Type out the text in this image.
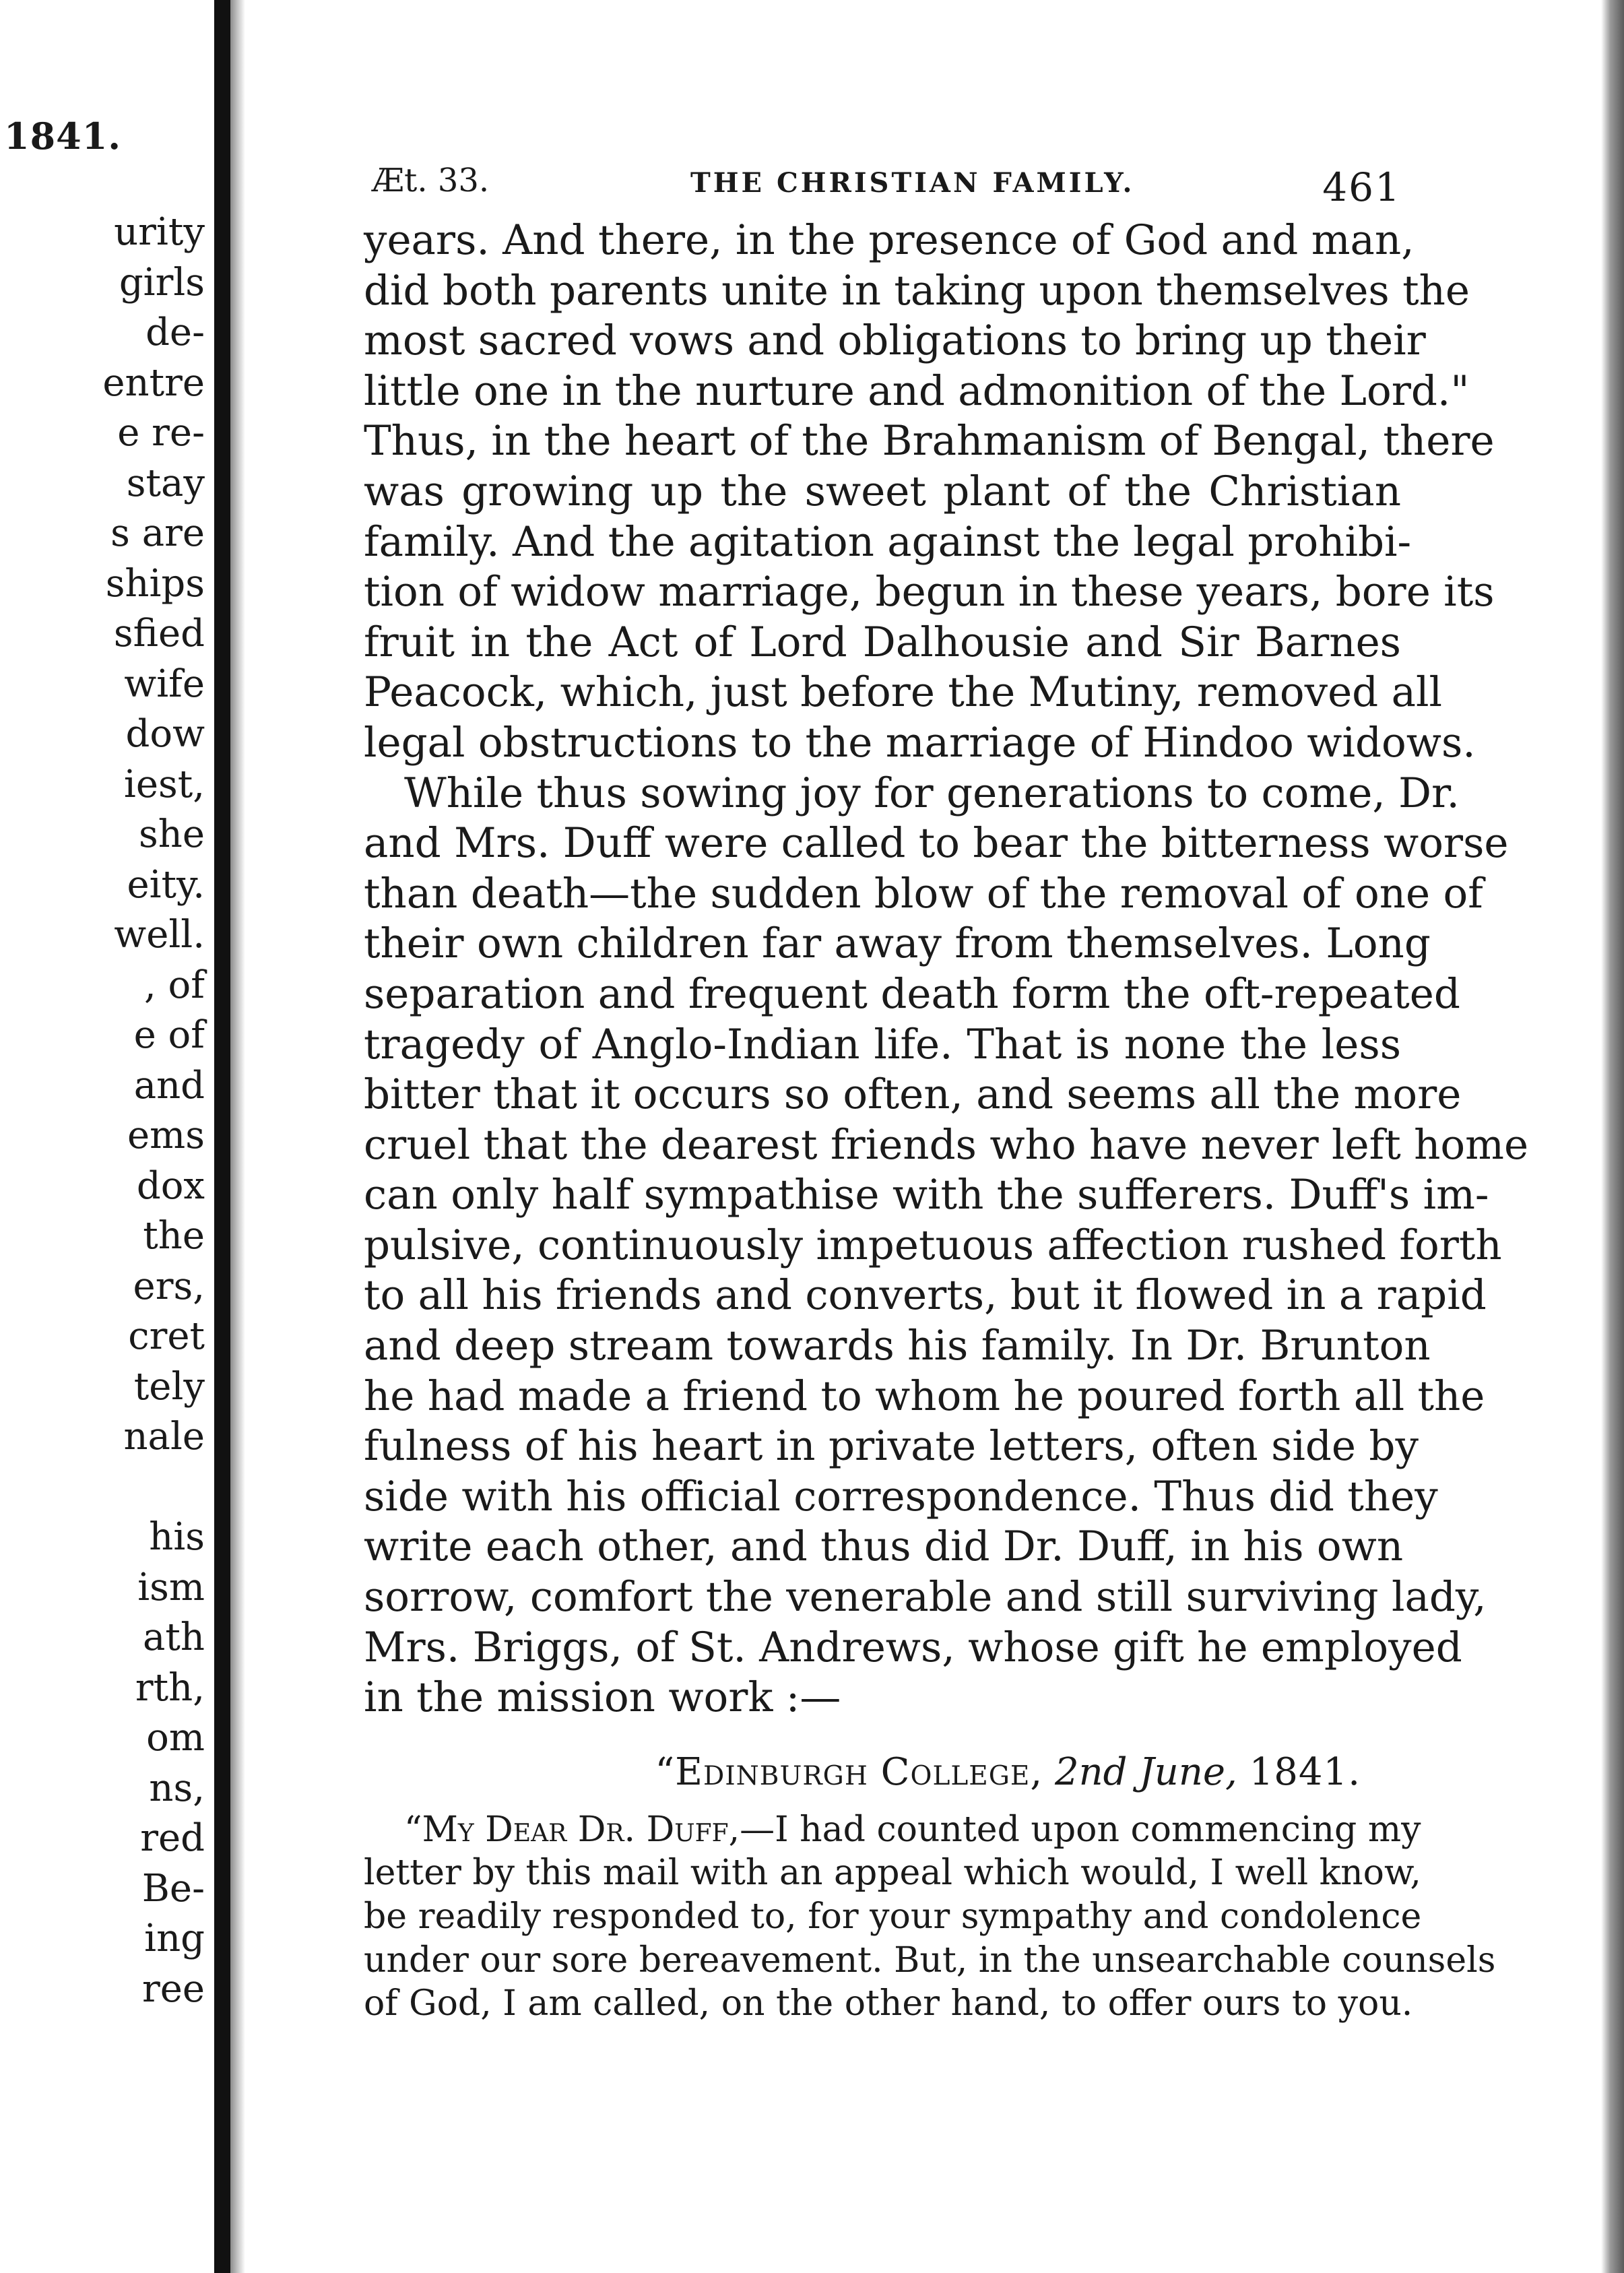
1841.
urity
girls
de-
entre
e re-
stay
s are
ships
sfied
wife
dow
iest,
she
eity.
well.
, of
e of
and
ems
dox
the
ers,
cret
tely
nale
his
ism
ath
rth,
om
ns,
red
Be-
ing
ree
Æt. 33.	THE CHRISTIAN FAMILY.	461
years. And there, in the presence of God and man,
did both parents unite in taking upon themselves the
most sacred vows and obligations to bring up their
little one in the nurture and admonition of the Lord."
Thus, in the heart of the Brahmanism of Bengal, there
was growing up the sweet plant of the Christian
family. And the agitation against the legal prohibi-
tion of widow marriage, begun in these years, bore its
fruit in the Act of Lord Dalhousie and Sir Barnes
Peacock, which, just before the Mutiny, removed all
legal obstructions to the marriage of Hindoo widows.
While thus sowing joy for generations to come, Dr.
and Mrs. Duff were called to bear the bitterness worse
than death—the sudden blow of the removal of one of
their own children far away from themselves. Long
separation and frequent death form the oft-repeated
tragedy of Anglo-Indian life. That is none the less
bitter that it occurs so often, and seems all the more
cruel that the dearest friends who have never left home
can only half sympathise with the sufferers. Duff's im-
pulsive, continuously impetuous affection rushed forth
to all his friends and converts, but it flowed in a rapid
and deep stream towards his family. In Dr. Brunton
he had made a friend to whom he poured forth all the
fulness of his heart in private letters, often side by
side with his official correspondence. Thus did they
write each other, and thus did Dr. Duff, in his own
sorrow, comfort the venerable and still surviving lady,
Mrs. Briggs, of St. Andrews, whose gift he employed
in the mission work :—
“Edinburgh College, 2nd June, 1841.
“My Dear Dr. Duff,—I had counted upon commencing my
letter by this mail with an appeal which would, I well know,
be readily responded to, for your sympathy and condolence
under our sore bereavement. But, in the unsearchable counsels
of God, I am called, on the other hand, to offer ours to you.
